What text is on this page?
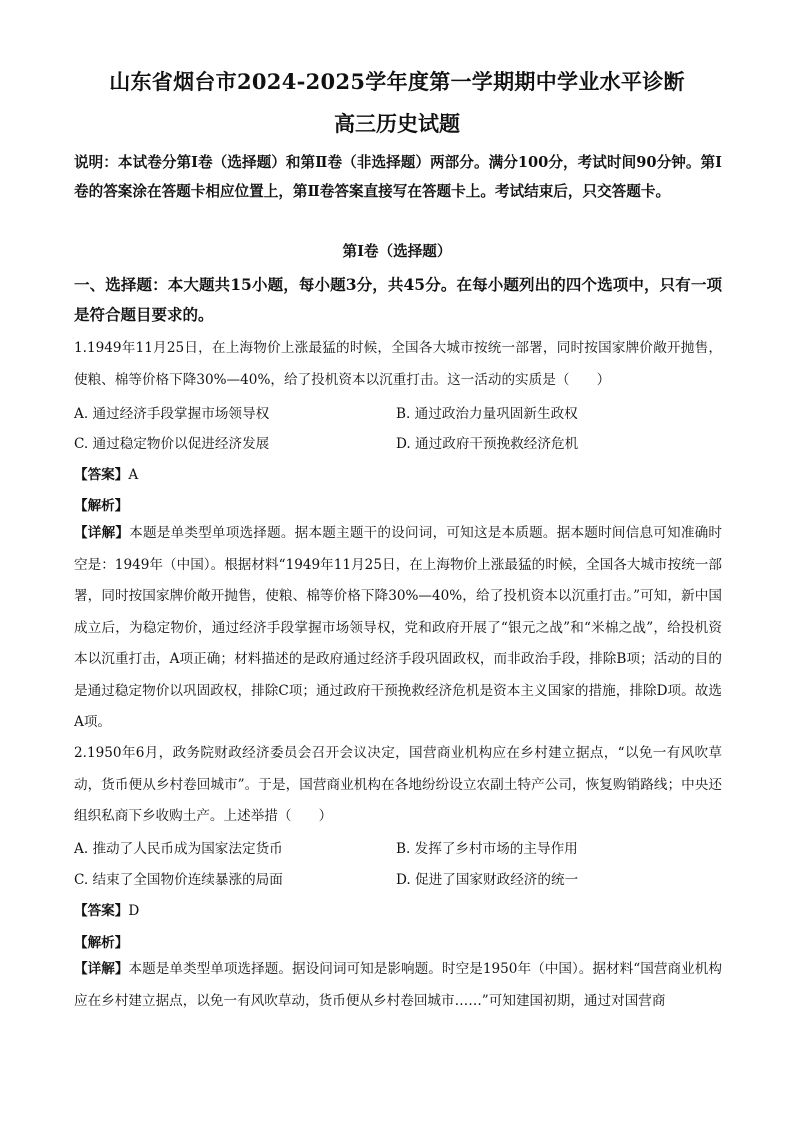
山东省烟台市2024-2025学年度第一学期期中学业水平诊断
高三历史试题
说明：本试卷分第Ⅰ卷（选择题）和第Ⅱ卷（非选择题）两部分。满分100分，考试时间90分钟。第Ⅰ卷的答案涂在答题卡相应位置上，第Ⅱ卷答案直接写在答题卡上。考试结束后，只交答题卡。
第Ⅰ卷（选择题）
一、选择题：本大题共15小题，每小题3分，共45分。在每小题列出的四个选项中，只有一项是符合题目要求的。
1.1949年11月25日，在上海物价上涨最猛的时候，全国各大城市按统一部署，同时按国家牌价敞开抛售，使粮、棉等价格下降30%—40%，给了投机资本以沉重打击。这一活动的实质是（　　）
A. 通过经济手段掌握市场领导权	B. 通过政治力量巩固新生政权
C. 通过稳定物价以促进经济发展	D. 通过政府干预挽救经济危机
【答案】A
【解析】
【详解】本题是单类型单项选择题。据本题主题干的设问词，可知这是本质题。据本题时间信息可知准确时空是：1949年（中国）。根据材料“1949年11月25日，在上海物价上涨最猛的时候，全国各大城市按统一部署，同时按国家牌价敞开抛售，使粮、棉等价格下降30%—40%，给了投机资本以沉重打击。”可知，新中国成立后，为稳定物价，通过经济手段掌握市场领导权，党和政府开展了“银元之战”和“米棉之战”，给投机资本以沉重打击，A项正确；材料描述的是政府通过经济手段巩固政权，而非政治手段，排除B项；活动的目的是通过稳定物价以巩固政权，排除C项；通过政府干预挽救经济危机是资本主义国家的措施，排除D项。故选A项。
2.1950年6月，政务院财政经济委员会召开会议决定，国营商业机构应在乡村建立据点，“以免一有风吹草动，货币便从乡村卷回城市”。于是，国营商业机构在各地纷纷设立农副土特产公司，恢复购销路线；中央还组织私商下乡收购土产。上述举措（　　）
A. 推动了人民币成为国家法定货币	B. 发挥了乡村市场的主导作用
C. 结束了全国物价连续暴涨的局面	D. 促进了国家财政经济的统一
【答案】D
【解析】
【详解】本题是单类型单项选择题。据设问词可知是影响题。时空是1950年（中国）。据材料“国营商业机构应在乡村建立据点，以免一有风吹草动，货币便从乡村卷回城市……”可知建国初期，通过对国营商
